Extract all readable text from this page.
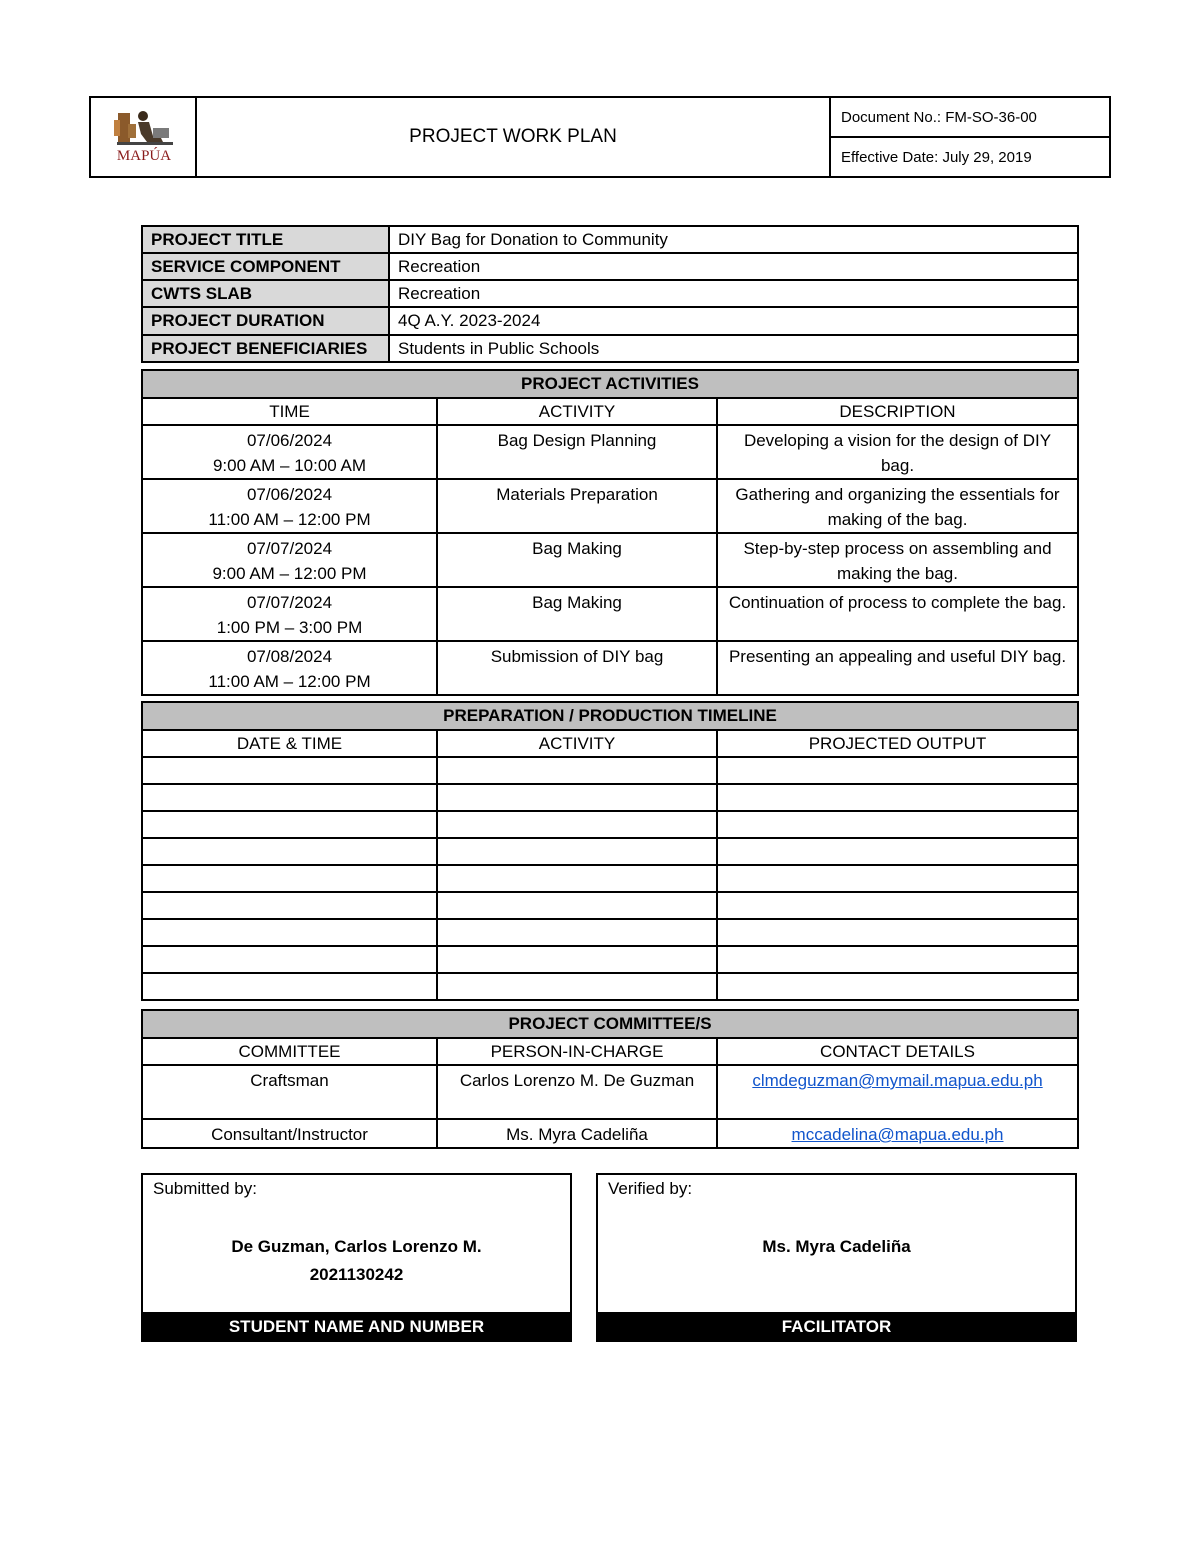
MAPÚA
PROJECT WORK PLAN
Document No.: FM-SO-36-00
Effective Date: July 29, 2019
PROJECT TITLE	DIY Bag for Donation to Community
SERVICE COMPONENT	Recreation
CWTS SLAB	Recreation
PROJECT DURATION	4Q A.Y. 2023-2024
PROJECT BENEFICIARIES	Students in Public Schools
PROJECT ACTIVITIES		
TIME	ACTIVITY	DESCRIPTION

07/06/2024
9:00 AM – 10:00 AM	Bag Design Planning	Developing a vision for the design of DIY bag.

07/06/2024
11:00 AM – 12:00 PM	Materials Preparation	Gathering and organizing the essentials for making of the bag.

07/07/2024
9:00 AM – 12:00 PM	Bag Making	Step-by-step process on assembling and making the bag.

07/07/2024
1:00 PM – 3:00 PM	Bag Making	Continuation of process to complete the bag.

07/08/2024
11:00 AM – 12:00 PM	Submission of DIY bag	Presenting an appealing and useful DIY bag.
PREPARATION / PRODUCTION TIMELINE		
DATE & TIME	ACTIVITY	PROJECTED OUTPUT

PROJECT COMMITTEE/S		
COMMITTEE	PERSON-IN-CHARGE	CONTACT DETAILS
Craftsman	Carlos Lorenzo M. De Guzman	clmdeguzman@mymail.mapua.edu.ph
Consultant/Instructor	Ms. Myra Cadeliña	mccadelina@mapua.edu.ph
Submitted by:
De Guzman, Carlos Lorenzo M.
2021130242
STUDENT NAME AND NUMBER
Verified by:
Ms. Myra Cadeliña
FACILITATOR
